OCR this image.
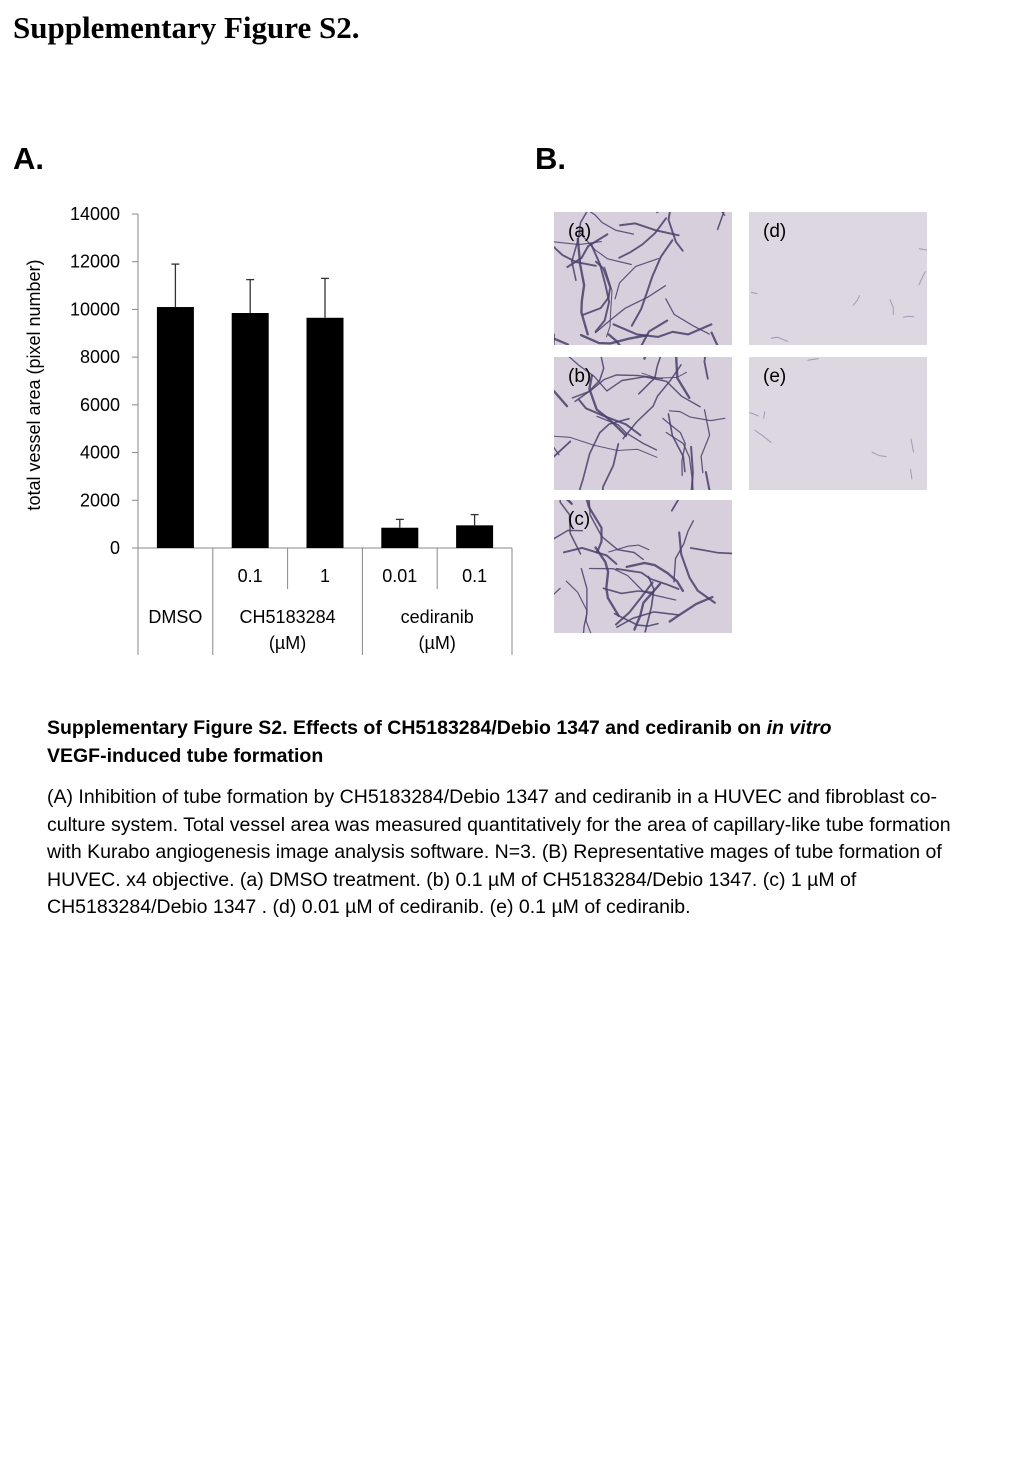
Supplementary Figure S2.
A.	B.
0
2000
4000
6000
8000
10000
12000
14000
total vessel area (pixel number)
0.1	1	0.01 0.1
DMSO CH5183284
(µM)
cediranib
(µM)
(a)	(d)
(b)	(e)
(c)
Supplementary Figure S2. Effects of CH5183284/Debio 1347 and cediranib on in vitro
VEGF-induced tube formation
(A) Inhibition of tube formation by CH5183284/Debio 1347 and cediranib in a HUVEC and fibroblast co-culture system. Total vessel area was measured quantitatively for the area of capillary-like tube formation with Kurabo angiogenesis image analysis software. N=3. (B) Representative mages of tube formation of HUVEC. x4 objective. (a) DMSO treatment. (b) 0.1 µM of CH5183284/Debio 1347. (c) 1 µM of CH5183284/Debio 1347 . (d) 0.01 µM of cediranib. (e) 0.1 µM of cediranib.
